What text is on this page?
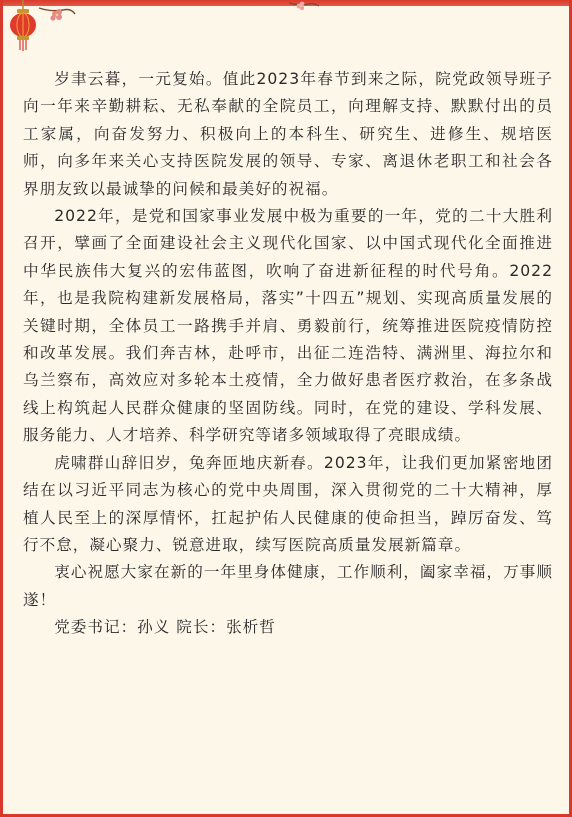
岁聿云暮，一元复始。值此2023年春节到来之际，院党政领导班子向一年来辛勤耕耘、无私奉献的全院员工，向理解支持、默默付出的员工家属，向奋发努力、积极向上的本科生、研究生、进修生、规培医师，向多年来关心支持医院发展的领导、专家、离退休老职工和社会各界朋友致以最诚挚的问候和最美好的祝福。

2022年，是党和国家事业发展中极为重要的一年，党的二十大胜利召开，擘画了全面建设社会主义现代化国家、以中国式现代化全面推进中华民族伟大复兴的宏伟蓝图，吹响了奋进新征程的时代号角。2022年，也是我院构建新发展格局，落实”十四五”规划、实现高质量发展的关键时期，全体员工一路携手并肩、勇毅前行，统筹推进医院疫情防控和改革发展。我们奔吉林，赴呼市，出征二连浩特、满洲里、海拉尔和乌兰察布，高效应对多轮本土疫情，全力做好患者医疗救治，在多条战线上构筑起人民群众健康的坚固防线。同时，在党的建设、学科发展、服务能力、人才培养、科学研究等诸多领域取得了亮眼成绩。

虎啸群山辞旧岁，兔奔匝地庆新春。2023年，让我们更加紧密地团结在以习近平同志为核心的党中央周围，深入贯彻党的二十大精神，厚植人民至上的深厚情怀，扛起护佑人民健康的使命担当，踔厉奋发、笃行不怠，凝心聚力、锐意进取，续写医院高质量发展新篇章。

衷心祝愿大家在新的一年里身体健康，工作顺利，阖家幸福，万事顺遂！

党委书记：孙义 院长：张析哲
